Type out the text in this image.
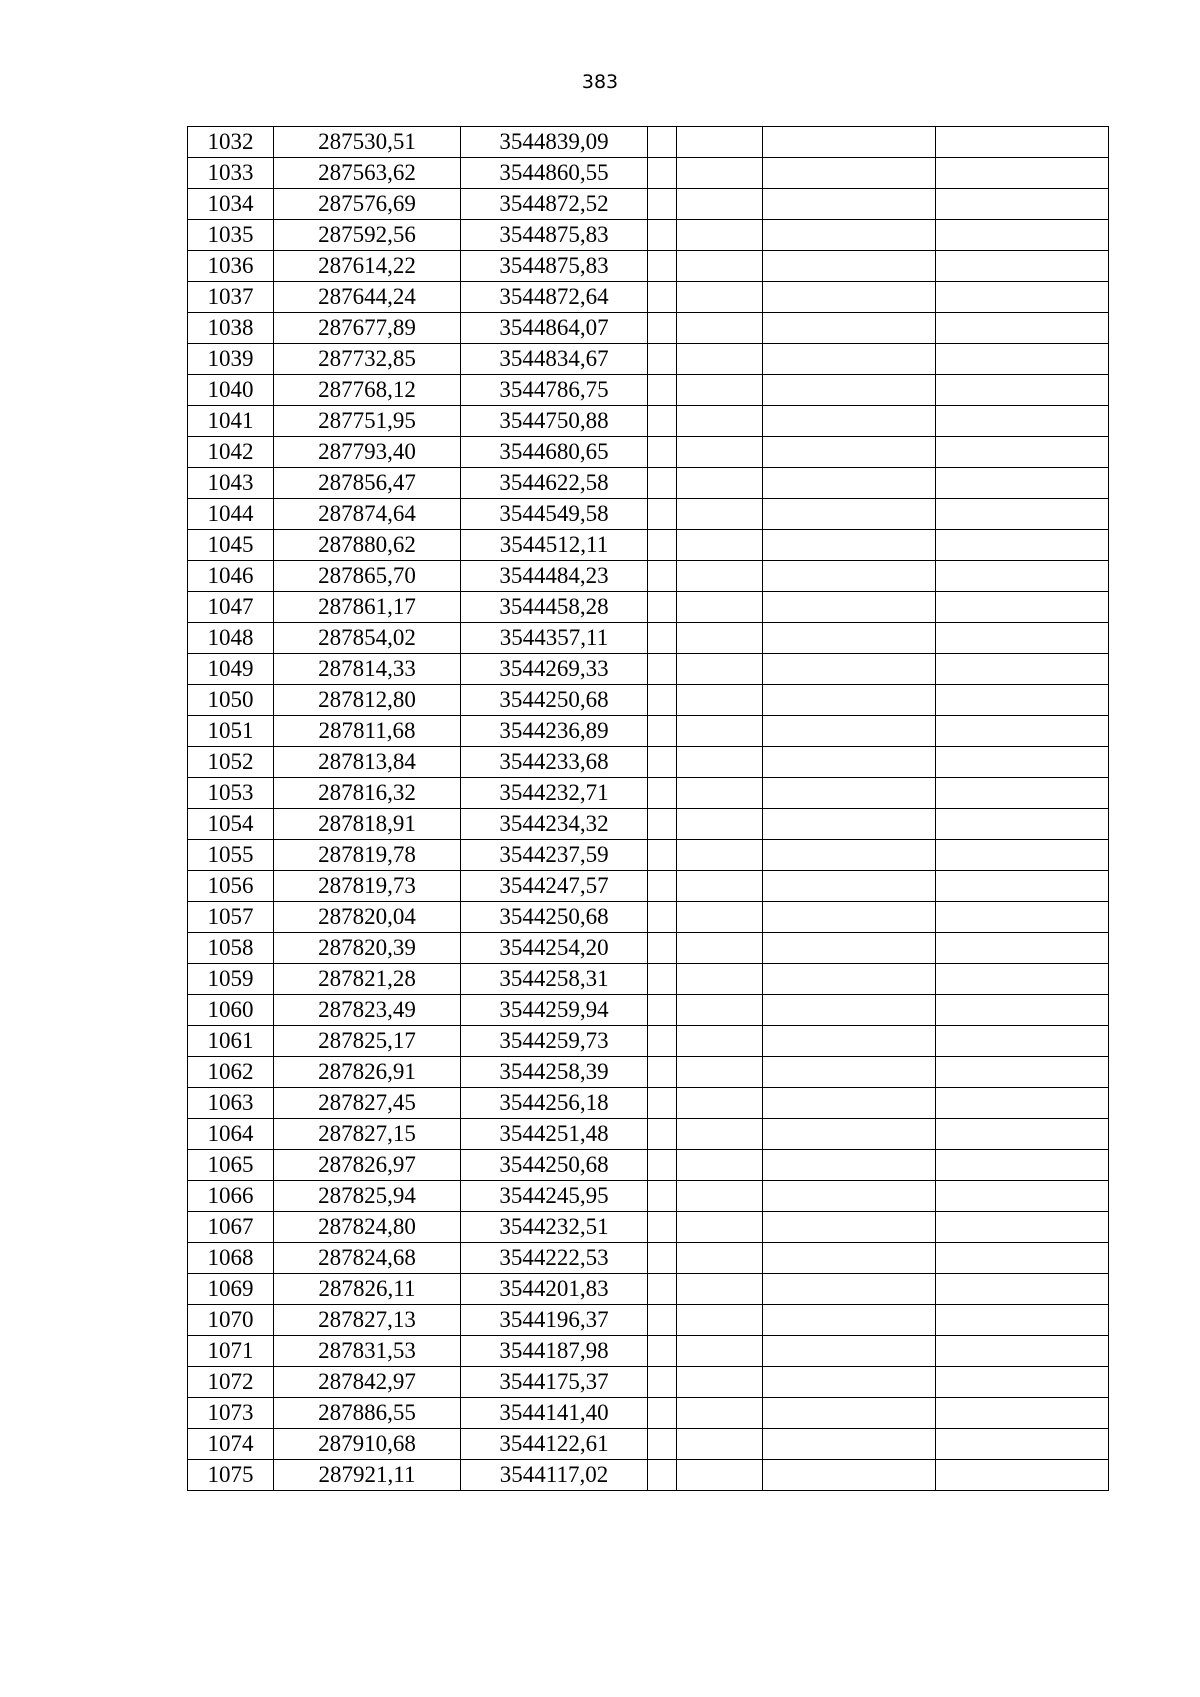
383
1032	287530,51	3544839,09				
1033	287563,62	3544860,55				
1034	287576,69	3544872,52				
1035	287592,56	3544875,83				
1036	287614,22	3544875,83				
1037	287644,24	3544872,64				
1038	287677,89	3544864,07				
1039	287732,85	3544834,67				
1040	287768,12	3544786,75				
1041	287751,95	3544750,88				
1042	287793,40	3544680,65				
1043	287856,47	3544622,58				
1044	287874,64	3544549,58				
1045	287880,62	3544512,11				
1046	287865,70	3544484,23				
1047	287861,17	3544458,28				
1048	287854,02	3544357,11				
1049	287814,33	3544269,33				
1050	287812,80	3544250,68				
1051	287811,68	3544236,89				
1052	287813,84	3544233,68				
1053	287816,32	3544232,71				
1054	287818,91	3544234,32				
1055	287819,78	3544237,59				
1056	287819,73	3544247,57				
1057	287820,04	3544250,68				
1058	287820,39	3544254,20				
1059	287821,28	3544258,31				
1060	287823,49	3544259,94				
1061	287825,17	3544259,73				
1062	287826,91	3544258,39				
1063	287827,45	3544256,18				
1064	287827,15	3544251,48				
1065	287826,97	3544250,68				
1066	287825,94	3544245,95				
1067	287824,80	3544232,51				
1068	287824,68	3544222,53				
1069	287826,11	3544201,83				
1070	287827,13	3544196,37				
1071	287831,53	3544187,98				
1072	287842,97	3544175,37				
1073	287886,55	3544141,40				
1074	287910,68	3544122,61				
1075	287921,11	3544117,02				
